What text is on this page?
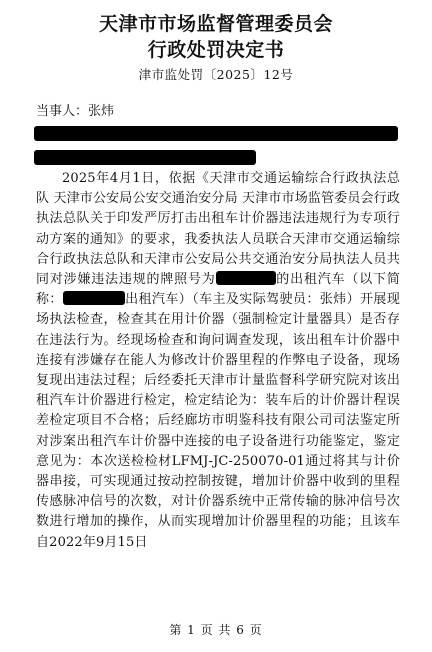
天津市市场监督管理委员会
行政处罚决定书
津市监处罚〔2025〕12号
当事人：张炜
2025年4月1日，依据《天津市交通运输综合行政执法总队 天津市公安局公安交通治安分局 天津市市场监管委员会行政执法总队关于印发严厉打击出租车计价器违法违规行为专项行动方案的通知》的要求，我委执法人员联合天津市交通运输综合行政执法总队和天津市公安局公共交通治安分局执法人员共同对涉嫌违法违规的牌照号为	的出租汽车（以下简称：	出租汽车）（车主及实际驾驶员：张炜）开展现场执法检查，检查其在用计价器（强制检定计量器具）是否存在违法行为。经现场检查和询问调查发现，该出租车计价器中连接有涉嫌存在能人为修改计价器里程的作弊电子设备，现场复现出违法过程；后经委托天津市计量监督科学研究院对该出租汽车计价器进行检定，检定结论为：装车后的计价器计程误差检定项目不合格；后经廊坊市明鉴科技有限公司司法鉴定所对涉案出租汽车计价器中连接的电子设备进行功能鉴定，鉴定意见为：本次送检检材LFMJ-JC-250070-01通过将其与计价器串接，可实现通过按动控制按键，增加计价器中收到的里程传感脉冲信号的次数，对计价器系统中正常传输的脉冲信号次数进行增加的操作，从而实现增加计价器里程的功能；且该车自2022年9月15日
第 1 页 共 6 页
